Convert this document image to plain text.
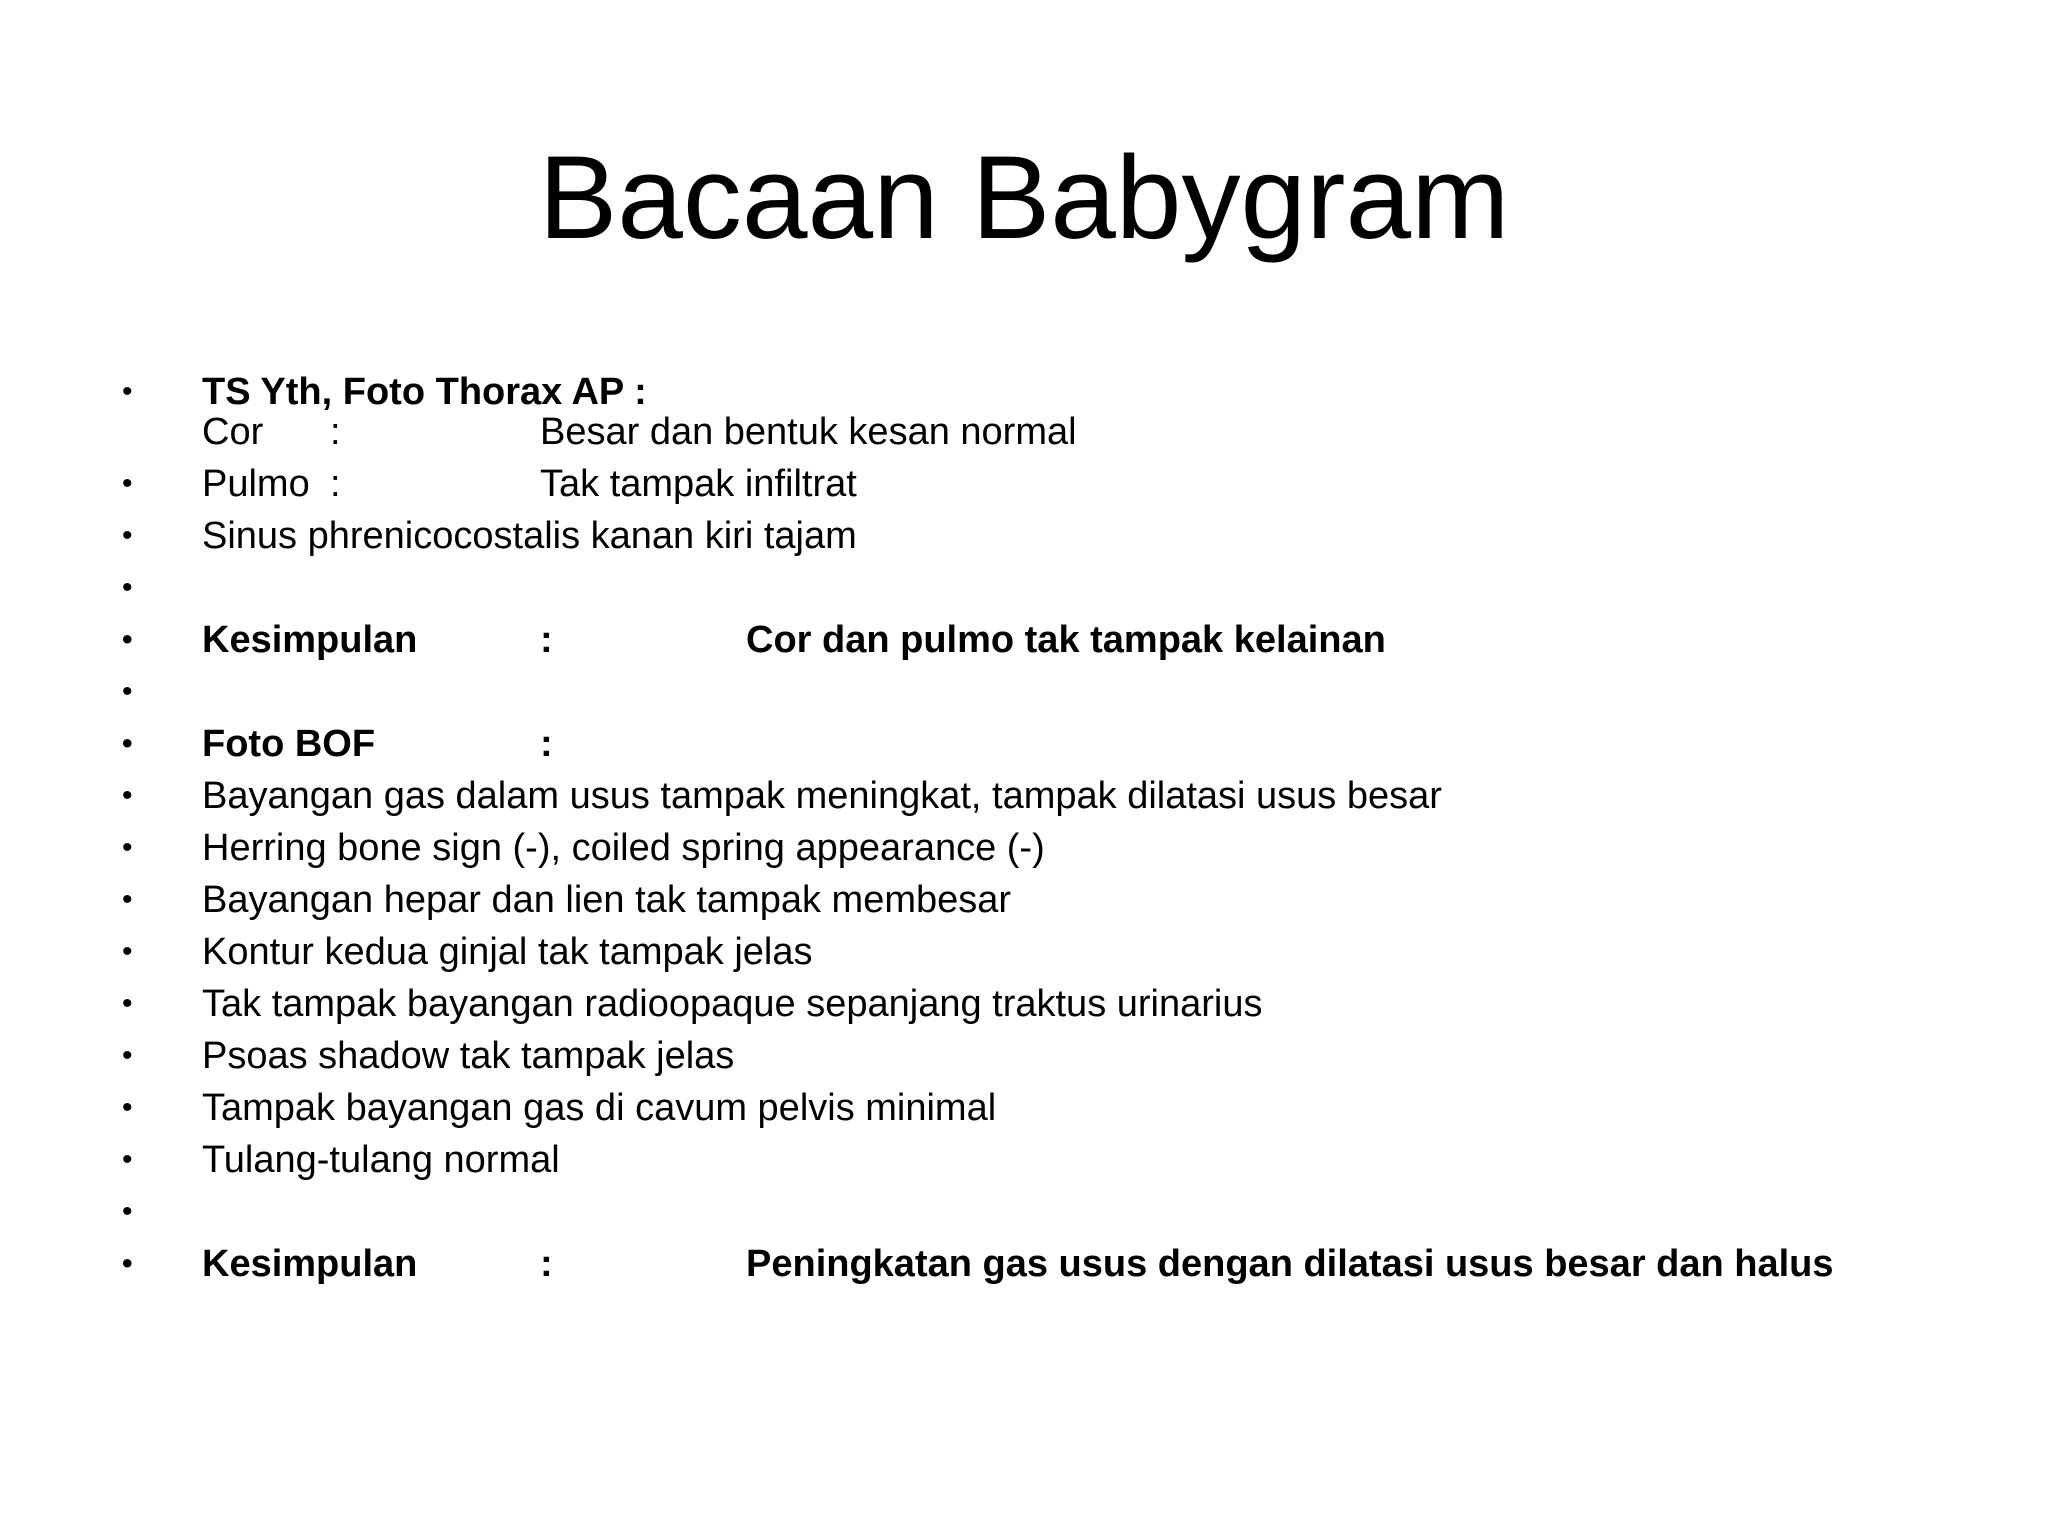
Bacaan Babygram
• TS Yth, Foto Thorax AP :
Cor :	Besar dan bentuk kesan normal
• Pulmo :	Tak tampak infiltrat
• Sinus phrenicocostalis kanan kiri tajam
•
• Kesimpulan	:	Cor dan pulmo tak tampak kelainan
•
• Foto BOF	:
• Bayangan gas dalam usus tampak meningkat, tampak dilatasi usus besar
• Herring bone sign (-), coiled spring appearance (-)
• Bayangan hepar dan lien tak tampak membesar
• Kontur kedua ginjal tak tampak jelas
• Tak tampak bayangan radioopaque sepanjang traktus urinarius
• Psoas shadow tak tampak jelas
• Tampak bayangan gas di cavum pelvis minimal
• Tulang-tulang normal
•
• Kesimpulan	:	Peningkatan gas usus dengan dilatasi usus besar dan halus
